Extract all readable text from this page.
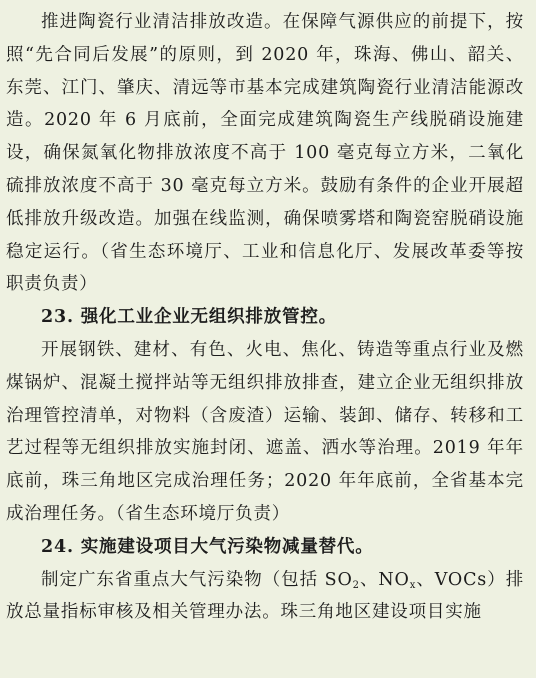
推进陶瓷行业清洁排放改造。在保障气源供应的前提下，按照“先合同后发展”的原则，到 2020 年，珠海、佛山、韶关、东莞、江门、肇庆、清远等市基本完成建筑陶瓷行业清洁能源改造。2020 年 6 月底前，全面完成建筑陶瓷生产线脱硝设施建设，确保氮氧化物排放浓度不高于 100 毫克每立方米，二氧化硫排放浓度不高于 30 毫克每立方米。鼓励有条件的企业开展超低排放升级改造。加强在线监测，确保喷雾塔和陶瓷窑脱硝设施稳定运行。（省生态环境厅、工业和信息化厅、发展改革委等按职责负责）

23. 强化工业企业无组织排放管控。

开展钢铁、建材、有色、火电、焦化、铸造等重点行业及燃煤锅炉、混凝土搅拌站等无组织排放排查，建立企业无组织排放治理管控清单，对物料（含废渣）运输、装卸、储存、转移和工艺过程等无组织排放实施封闭、遮盖、洒水等治理。2019 年年底前，珠三角地区完成治理任务；2020 年年底前，全省基本完成治理任务。（省生态环境厅负责）

24. 实施建设项目大气污染物减量替代。

制定广东省重点大气污染物（包括 $SO_2$、$NO_x$、VOCs）排放总量指标审核及相关管理办法。珠三角地区建设项目实施
